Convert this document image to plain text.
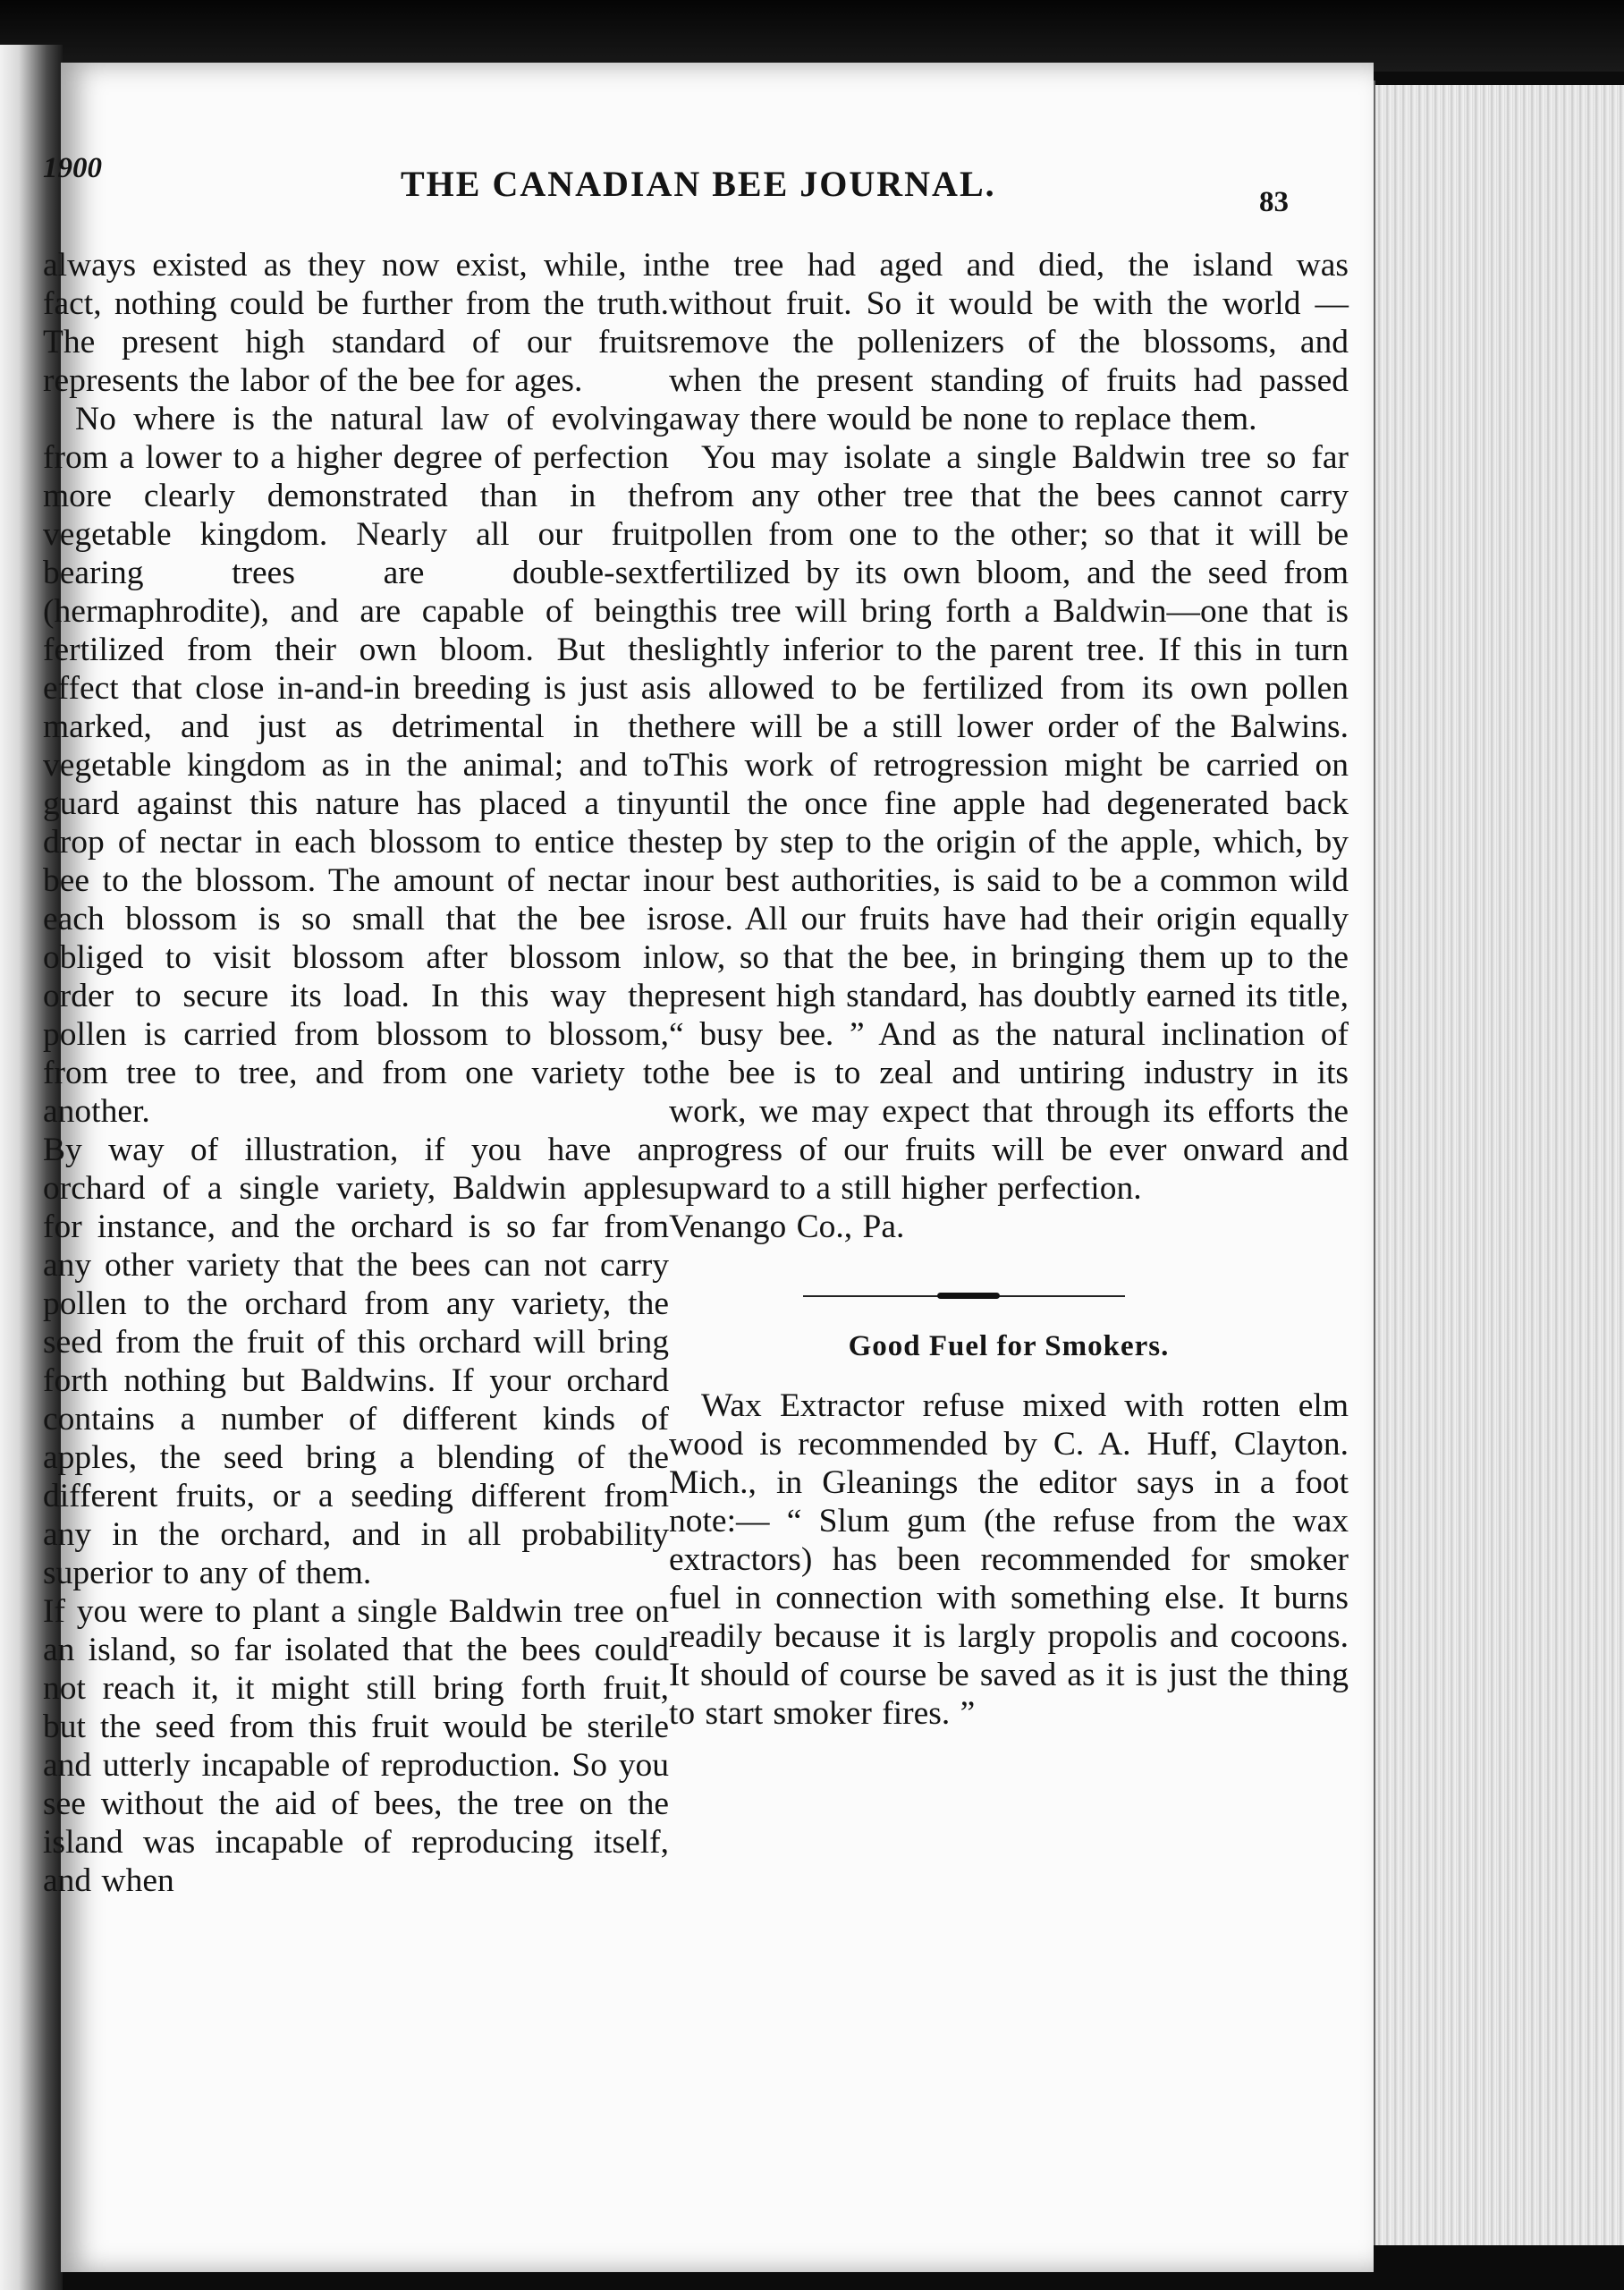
1900	THE CANADIAN BEE JOURNAL.	83

always existed as they now exist, while, in fact, nothing could be further from the truth. The present high standard of our fruits represents the labor of the bee for ages.

No where is the natural law of evolving from a lower to a higher degree of perfection more clearly demonstrated than in the vegetable kingdom. Nearly all our fruit bearing trees are double-sext (hermaphrodite), and are capable of being fertilized from their own bloom. But the effect that close in-and-in breeding is just as marked, and just as detrimental in the vegetable kingdom as in the animal; and to guard against this nature has placed a tiny drop of nectar in each blossom to entice the bee to the blossom. The amount of nectar in each blossom is so small that the bee is obliged to visit blossom after blossom in order to secure its load. In this way the pollen is carried from blossom to blossom, from tree to tree, and from one variety to another.

By way of illustration, if you have an orchard of a single variety, Baldwin apples for instance, and the orchard is so far from any other variety that the bees can not carry pollen to the orchard from any variety, the seed from the fruit of this orchard will bring forth nothing but Baldwins. If your orchard contains a number of different kinds of apples, the seed bring a blending of the different fruits, or a seeding different from any in the orchard, and in all probability superior to any of them.

If you were to plant a single Baldwin tree on an island, so far isolated that the bees could not reach it, it might still bring forth fruit, but the seed from this fruit would be sterile and utterly incapable of reproduction. So you see without the aid of bees, the tree on the island was incapable of reproducing itself, and when

the tree had aged and died, the island was without fruit. So it would be with the world —remove the pollenizers of the blossoms, and when the present standing of fruits had passed away there would be none to replace them.

You may isolate a single Baldwin tree so far from any other tree that the bees cannot carry pollen from one to the other; so that it will be fertilized by its own bloom, and the seed from this tree will bring forth a Baldwin—one that is slightly inferior to the parent tree. If this in turn is allowed to be fertilized from its own pollen there will be a still lower order of the Balwins. This work of retrogression might be carried on until the once fine apple had degenerated back step by step to the origin of the apple, which, by our best authorities, is said to be a common wild rose. All our fruits have had their origin equally low, so that the bee, in bringing them up to the present high standard, has doubtly earned its title, “ busy bee. ” And as the natural inclination of the bee is to zeal and untiring industry in its work, we may expect that through its efforts the progress of our fruits will be ever onward and upward to a still higher perfection.

Venango Co., Pa.

Good Fuel for Smokers.

Wax Extractor refuse mixed with rotten elm wood is recommended by C. A. Huff, Clayton. Mich., in Gleanings the editor says in a foot note:— “ Slum gum (the refuse from the wax extractors) has been recommended for smoker fuel in connection with something else. It burns readily because it is largly propolis and cocoons. It should of course be saved as it is just the thing to start smoker fires. ”
